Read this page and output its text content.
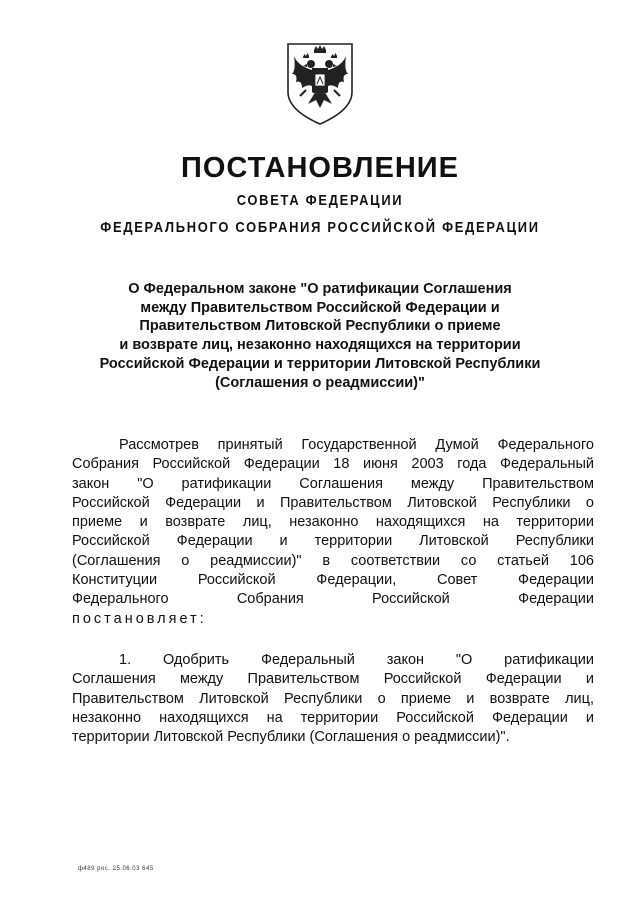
ПОСТАНОВЛЕНИЕ
СОВЕТА ФЕДЕРАЦИИ
ФЕДЕРАЛЬНОГО СОБРАНИЯ РОССИЙСКОЙ ФЕДЕРАЦИИ
О Федеральном законе "О ратификации Соглашения
между Правительством Российской Федерации и
Правительством Литовской Республики о приеме
и возврате лиц, незаконно находящихся на территории
Российской Федерации и территории Литовской Республики
(Соглашения о реадмиссии)"
Рассмотрев принятый Государственной Думой Федерального
Собрания Российской Федерации 18 июня 2003 года Федеральный
закон "О ратификации Соглашения между Правительством
Российской Федерации и Правительством Литовской Республики о
приеме и возврате лиц, незаконно находящихся на территории
Российской Федерации и территории Литовской Республики
(Соглашения о реадмиссии)" в соответствии со статьей 106
Конституции Российской Федерации, Совет Федерации
Федерального Собрания Российской Федерации
постановляет:
1. Одобрить Федеральный закон "О ратификации
Соглашения между Правительством Российской Федерации и
Правительством Литовской Республики о приеме и возврате лиц,
незаконно находящихся на территории Российской Федерации и
территории Литовской Республики (Соглашения о реадмиссии)".
ф489 рос. 25.06.03 645
